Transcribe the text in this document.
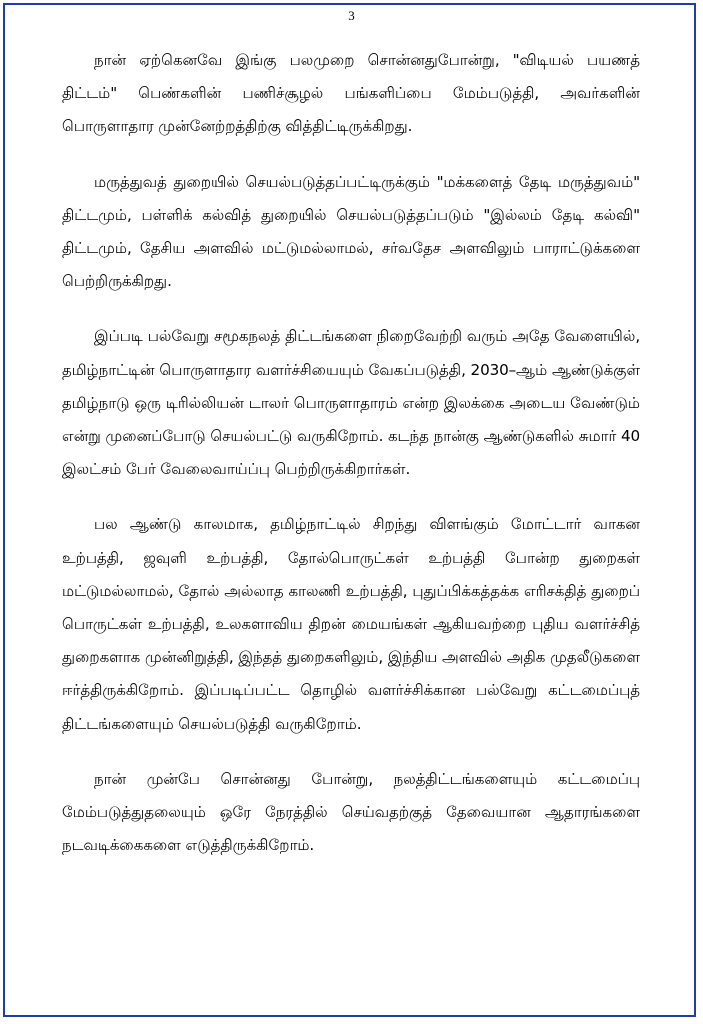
3

நான் ஏற்கெனவே இங்கு பலமுறை சொன்னதுபோன்று, "விடியல் பயணத் திட்டம்" பெண்களின் பணிச்சூழல் பங்களிப்பை மேம்படுத்தி, அவர்களின் பொருளாதார முன்னேற்றத்திற்கு வித்திட்டிருக்கிறது.

மருத்துவத் துறையில் செயல்படுத்தப்பட்டிருக்கும் "மக்களைத் தேடி மருத்துவம்" திட்டமும், பள்ளிக் கல்வித் துறையில் செயல்படுத்தப்படும் "இல்லம் தேடி கல்வி" திட்டமும், தேசிய அளவில் மட்டுமல்லாமல், சர்வதேச அளவிலும் பாராட்டுக்களை பெற்றிருக்கிறது.

இப்படி பல்வேறு சமூகநலத் திட்டங்களை நிறைவேற்றி வரும் அதே வேளையில், தமிழ்நாட்டின் பொருளாதார வளர்ச்சியையும் வேகப்படுத்தி, 2030–ஆம் ஆண்டுக்குள் தமிழ்நாடு ஒரு டிரில்லியன் டாலர் பொருளாதாரம் என்ற இலக்கை அடைய வேண்டும் என்று முனைப்போடு செயல்பட்டு வருகிறோம். கடந்த நான்கு ஆண்டுகளில் சுமார் 40 இலட்சம் பேர் வேலைவாய்ப்பு பெற்றிருக்கிறார்கள்.

பல ஆண்டு காலமாக, தமிழ்நாட்டில் சிறந்து விளங்கும் மோட்டார் வாகன உற்பத்தி, ஜவுளி உற்பத்தி, தோல்பொருட்கள் உற்பத்தி போன்ற துறைகள் மட்டுமல்லாமல், தோல் அல்லாத காலணி உற்பத்தி, புதுப்பிக்கத்தக்க எரிசக்தித் துறைப் பொருட்கள் உற்பத்தி, உலகளாவிய திறன் மையங்கள் ஆகியவற்றை புதிய வளர்ச்சித் துறைகளாக முன்னிறுத்தி, இந்தத் துறைகளிலும், இந்திய அளவில் அதிக முதலீடுகளை ஈர்த்திருக்கிறோம். இப்படிப்பட்ட தொழில் வளர்ச்சிக்கான பல்வேறு கட்டமைப்புத் திட்டங்களையும் செயல்படுத்தி வருகிறோம்.

நான் முன்பே சொன்னது போன்று, நலத்திட்டங்களையும் கட்டமைப்பு மேம்படுத்துதலையும் ஒரே நேரத்தில் செய்வதற்குத் தேவையான ஆதாரங்களை நடவடிக்கைகளை எடுத்திருக்கிறோம்.
